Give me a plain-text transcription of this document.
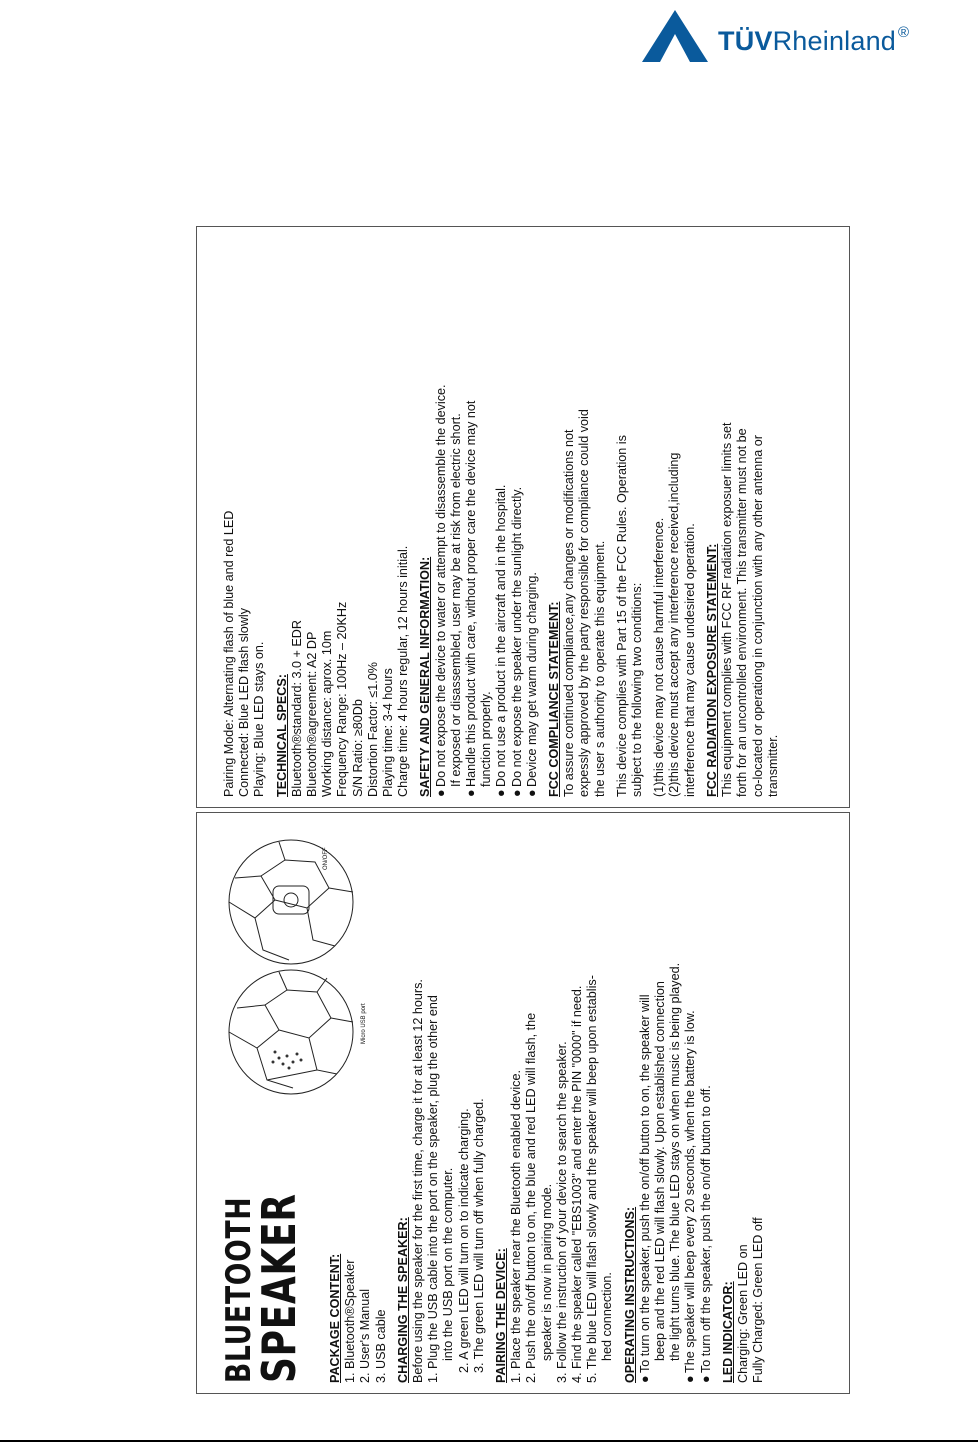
TÜVRheinland ®
Pairing Mode: Alternating flash of blue and red LED Connected: Blue LED flash slowly Playing: Blue LED stays on. TECHNICAL SPECS: Bluetooth®standard: 3.0 + EDR Bluetooth®agreement: A2 DP Working distance: aprox. 10m Frequency Range: 100Hz – 20KHz S/N Ratio: ≥80Db Distortion Factor: ≤1.0% Playing time: 3-4 hours Charge time: 4 hours regular, 12 hours initial. SAFETY AND GENERAL INFORMATION: ●Do not expose the device to water or attempt to disassemble the device. If exposed or disassembled, user may be at risk from electric short.
●Handle this product with care, without proper care the device may not function properly.
●Do not use a product in the aircraft and in the hospital.
●Do not expose the speaker under the sunlight directly.
●Device may get warm during charging. FCC COMPLIANCE STATEMENT: To assure continued compliance,any changes or modifications not expessly approved by the party responsible for compliance could void the user s authority to operate this equipment. This device complies with Part 15 of the FCC Rules. Operation is subject to the following two conditions: (1)this device may not cause harmful interference. (2)this device must accept any interference received,including interference that may cause undesired operation. FCC RADIATION EXPOSURE STATEMENT: This equipment complies with FCC RF radiation exposuer limits set forth for an uncontrolled environment. This transmitter must not be co-located or operationg in conjunction with any other antenna or transmitter.
BLUETOOTH
SPEAKER
Micro USB port
ON/OFF
PACKAGE CONTENT: 1. Bluetooth®Speaker 2. User's Manual 3. USB cable CHARGING THE SPEAKER: Before using the speaker for the first time, charge it for at least 12 hours. 1. Plug the USB cable into the port on the speaker, plug the other end into the USB port on the computer. 2. A green LED will turn on to indicate charging. 3. The green LED will turn off when fully charged. PAIRING THE DEVICE: 1. Place the speaker near the Bluetooth enabled device. 2. Push the on/off button to on, the blue and red LED will flash, the speaker is now in pairing mode. 3. Follow the instruction of your device to search the speaker. 4. Find the speaker called "EBS1003" and enter the PIN "0000" if need. 5. The blue LED will flash slowly and the speaker will beep upon establis- hed connection. OPERATING INSTRUCTIONS: ●To turn on the speaker, push the on/off button to on, the speaker will beep and the red LED will flash slowly. Upon established connection the light turns blue. The blue LED stays on when music is being played.
●The speaker will beep every 20 seconds, when the battery is low.
●To turn off the speaker, push the on/off button to off. LED INDICATOR: Charging: Green LED on Fully Charged: Green LED off
